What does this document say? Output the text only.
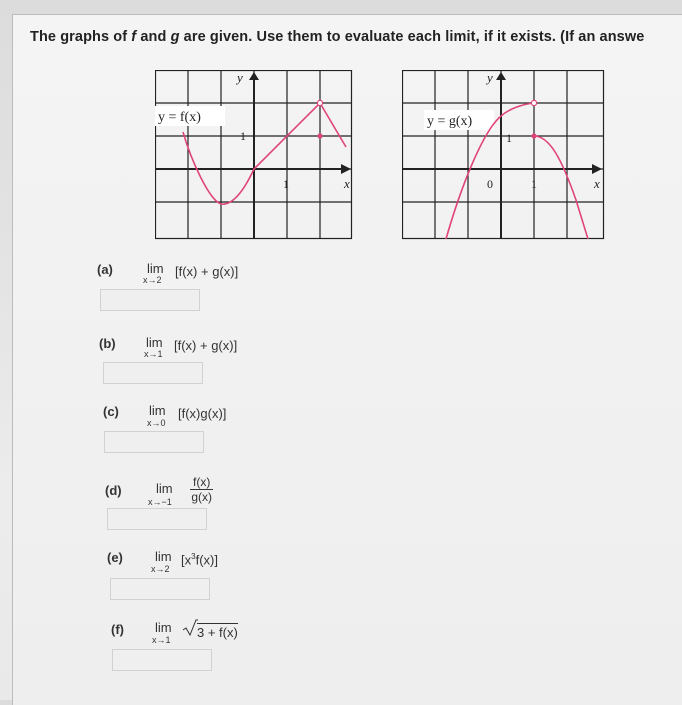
The graphs of f and g are given. Use them to evaluate each limit, if it exists. (If an answe
y = f(x)
y
x
1
1
y = g(x)
y
x
0	1
1
(a)	lim
x→2
[f(x) + g(x)]
(b) lim
x→1
[f(x) + g(x)]
(c) lim
x→0
[f(x)g(x)]
(d)	lim
$x\to-1 \frac{f(x)}{g(x)}$
(e) lim
x→2
$[x^3f(x)]$
(f) lim
x→1 3 + f(x)
